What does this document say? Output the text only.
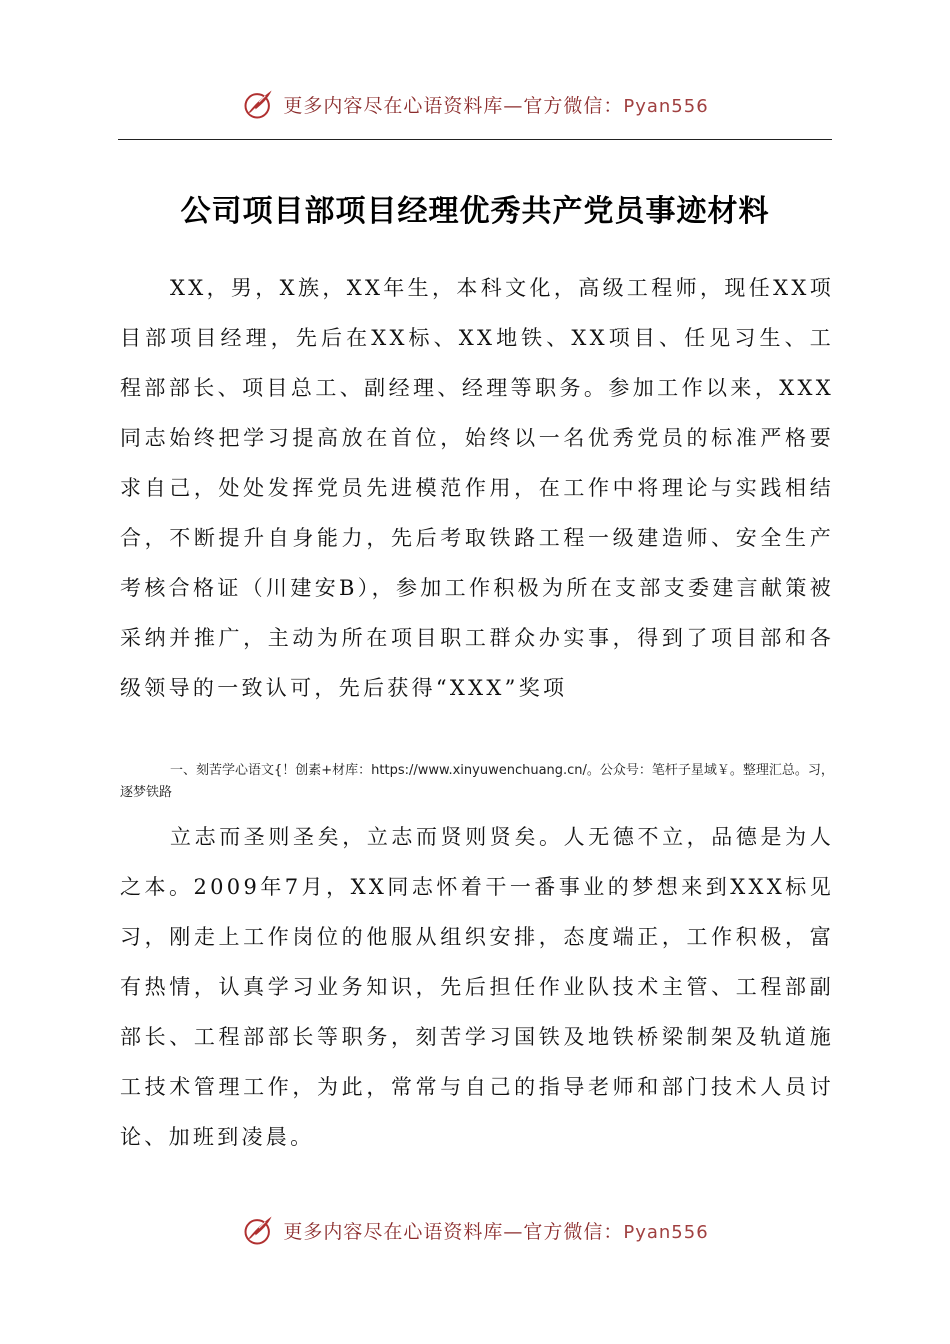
更多内容尽在心语资料库—官方微信：Pyan556
公司项目部项目经理优秀共产党员事迹材料

XX，男，X族，XX年生，本科文化，高级工程师，现任XX项目部项目经理，先后在XX标、XX地铁、XX项目、任见习生、工程部部长、项目总工、副经理、经理等职务。参加工作以来，XXX同志始终把学习提高放在首位，始终以一名优秀党员的标准严格要求自己，处处发挥党员先进模范作用，在工作中将理论与实践相结合，不断提升自身能力，先后考取铁路工程一级建造师、安全生产考核合格证（川建安B），参加工作积极为所在支部支委建言献策被采纳并推广，主动为所在项目职工群众办实事，得到了项目部和各级领导的一致认可，先后获得“XXX”奖项

一、刻苦学心语文{！创素+材库：https://www.xinyuwenchuang.cn/。公众号：笔杆子星域￥。整理汇总。习，逐梦铁路

立志而圣则圣矣，立志而贤则贤矣。人无德不立，品德是为人之本。2009年7月，XX同志怀着干一番事业的梦想来到XXX标见习，刚走上工作岗位的他服从组织安排，态度端正，工作积极，富有热情，认真学习业务知识，先后担任作业队技术主管、工程部副部长、工程部部长等职务，刻苦学习国铁及地铁桥梁制架及轨道施工技术管理工作，为此，常常与自己的指导老师和部门技术人员讨论、加班到凌晨。

更多内容尽在心语资料库—官方微信：Pyan556
